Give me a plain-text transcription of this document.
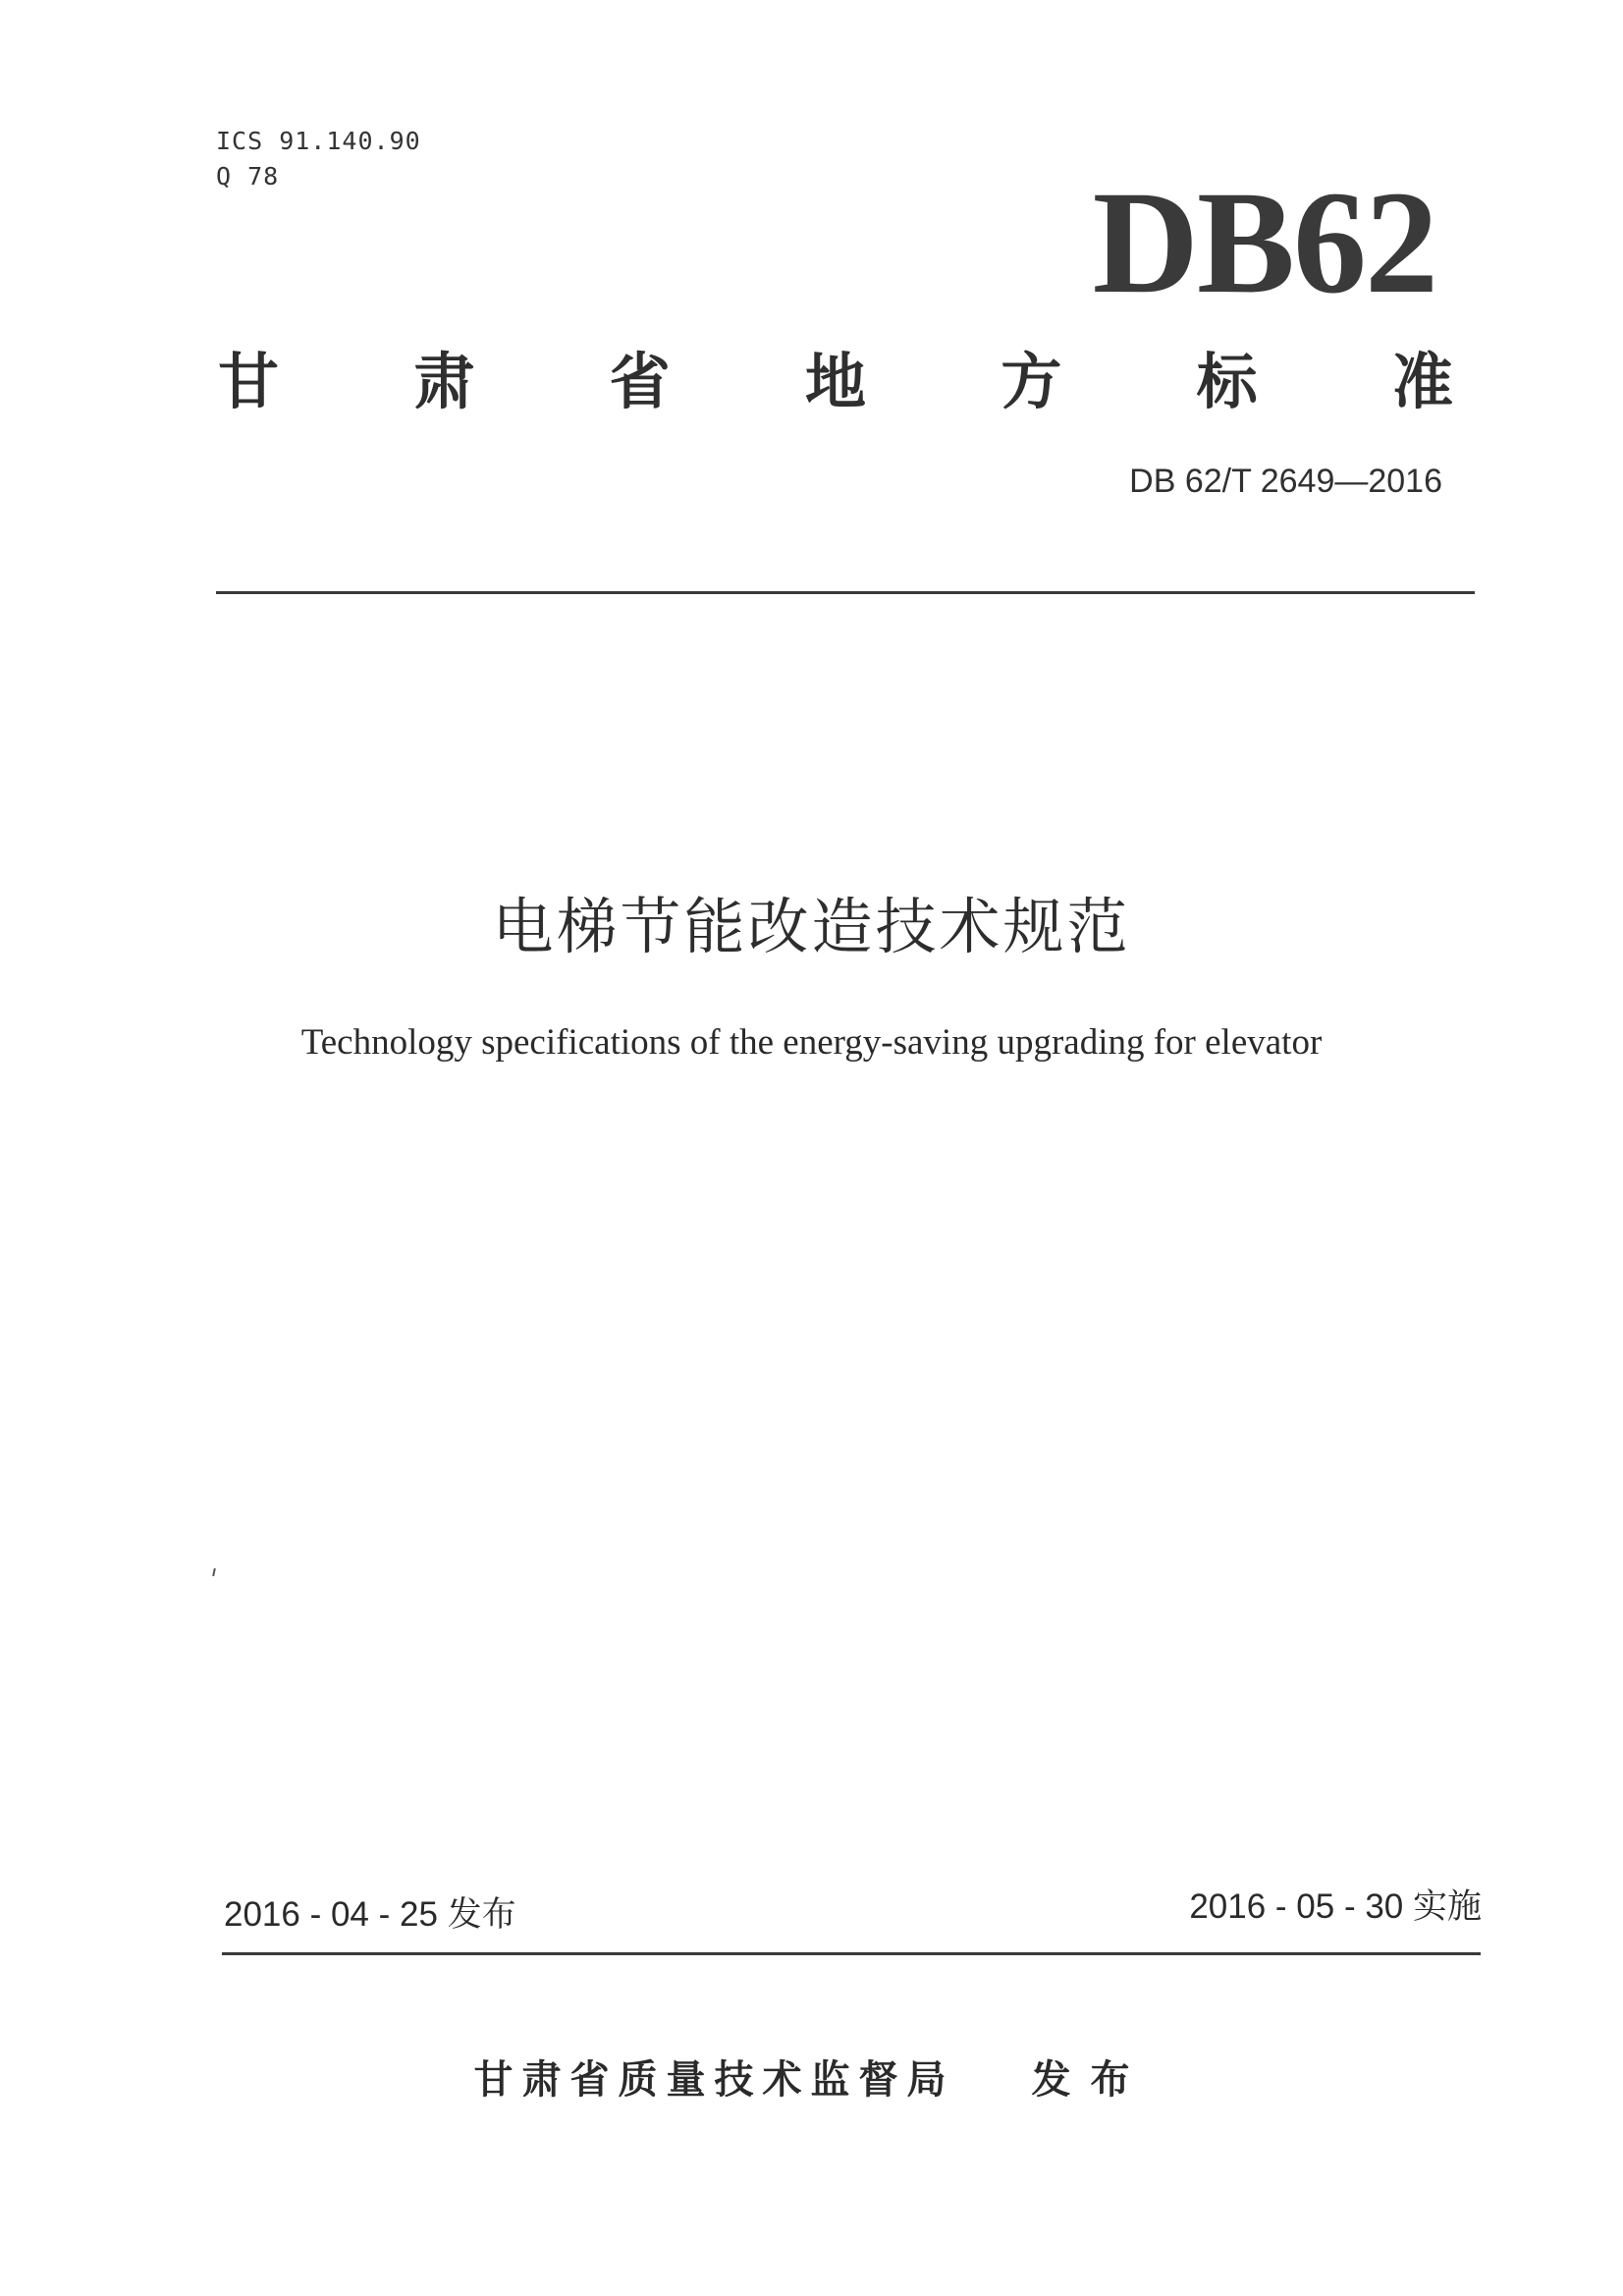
ICS 91.140.90
Q 78	DB62
甘 肃 省 地 方 标 准
DB 62/T 2649—2016
电梯节能改造技术规范
Technology specifications of the energy-saving upgrading for elevator
2016 - 04 - 25 发布	2016 - 05 - 30 实施
甘肃省质量技术监督局 发布
